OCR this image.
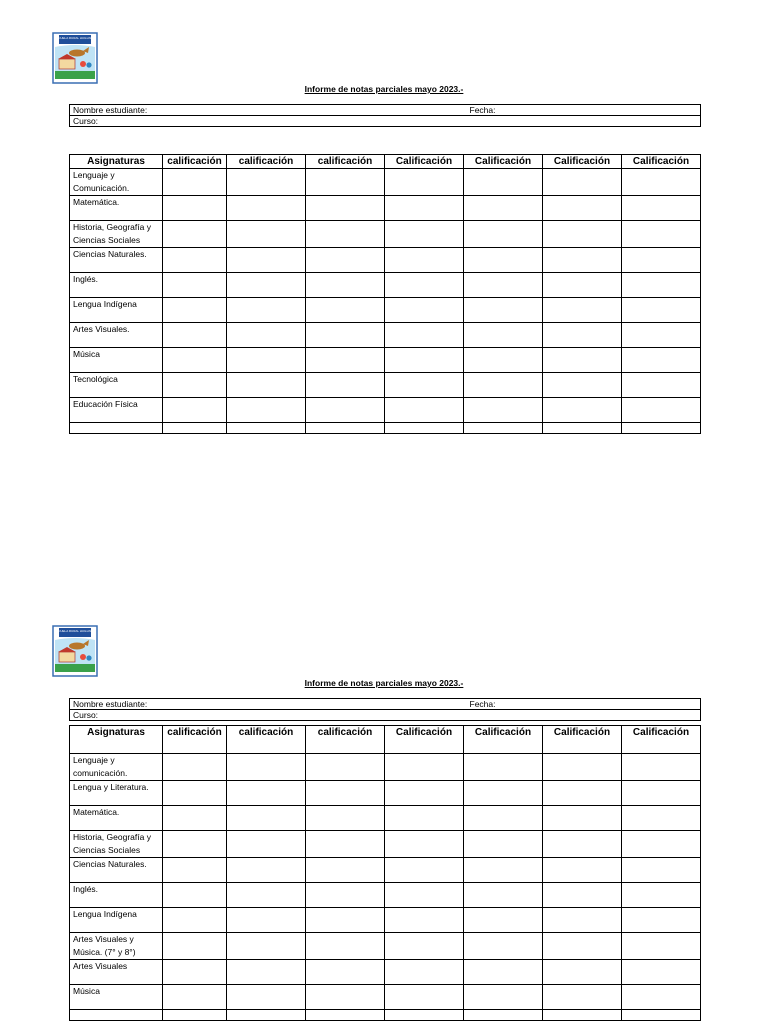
ESCUELA RURAL HUILLINCO
Informe de notas parciales mayo 2023.-
Nombre estudiante:	Fecha:
Curso:
Asignaturas	calificación	calificación	calificación	Calificación	Calificación	Calificación	Calificación
Lenguaje y Comunicación.							
Matemática.							
Historia, Geografía y Ciencias Sociales							
Ciencias Naturales.							
Inglés.							
Lengua Indígena							
Artes Visuales.							
Música							
Tecnológica							
Educación Física							

ESCUELA RURAL HUILLINCO
Informe de notas parciales mayo 2023.-
Nombre estudiante:	Fecha:
Curso:
Asignaturas	calificación	calificación	calificación	Calificación	Calificación	Calificación	Calificación
Lenguaje y comunicación.							
Lengua y Literatura.							
Matemática.							
Historia, Geografía y Ciencias Sociales							
Ciencias Naturales.							
Inglés.							
Lengua Indígena							
Artes Visuales y Música. (7° y 8°)							
Artes Visuales							
Música							
